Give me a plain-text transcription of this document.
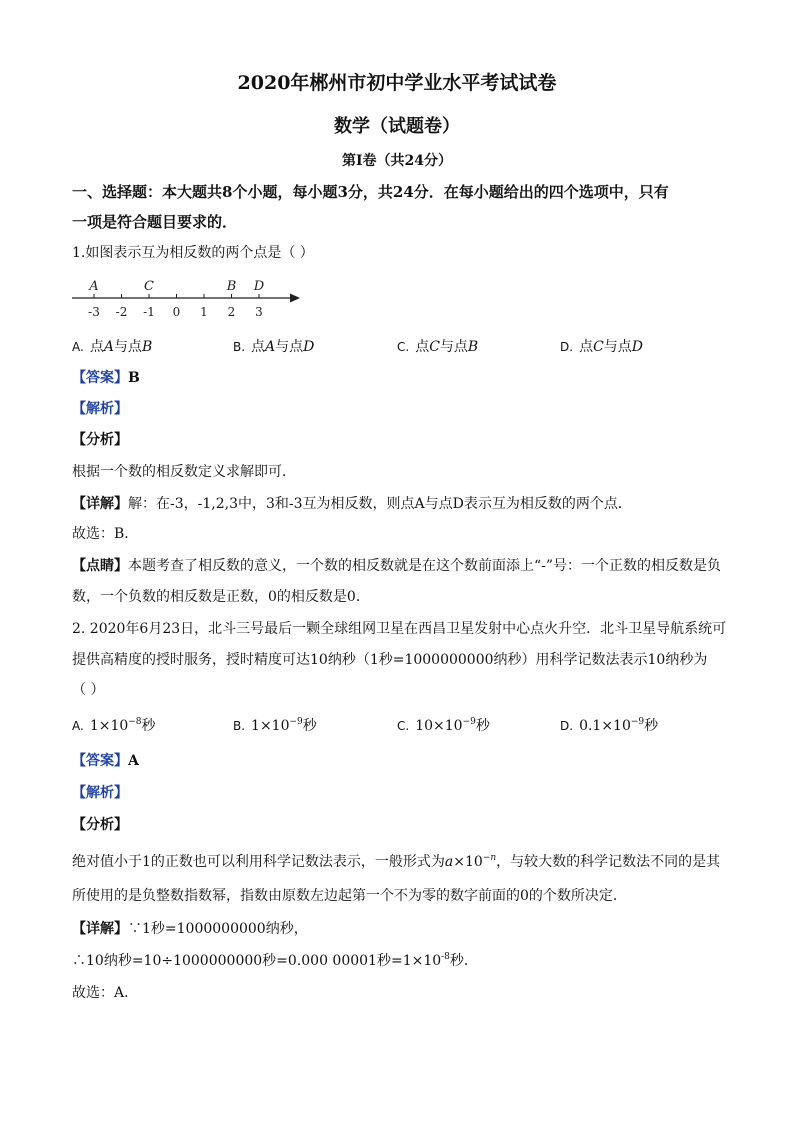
2020年郴州市初中学业水平考试试卷
数学（试题卷）
第I卷（共24分）
一、选择题：本大题共8个小题，每小题3分，共24分．在每小题给出的四个选项中，只有
一项是符合题目要求的．
1.如图表示互为相反数的两个点是（ ）
-3 -2 -1 0 1 2 3
A	C	B D
A. 点A与点B	B. 点A与点D	C. 点C与点B	D. 点C与点D
【答案】B
【解析】
【分析】
根据一个数的相反数定义求解即可．
【详解】解：在-3，-1,2,3中，3和-3互为相反数，则点A与点D表示互为相反数的两个点．
故选：B．
【点睛】本题考查了相反数的意义，一个数的相反数就是在这个数前面添上“-”号：一个正数的相反数是负
数，一个负数的相反数是正数，0的相反数是0．
2. 2020年6月23日，北斗三号最后一颗全球组网卫星在西昌卫星发射中心点火升空．北斗卫星导航系统可
提供高精度的授时服务，授时精度可达10纳秒（1秒=1000000000纳秒）用科学记数法表示10纳秒为
（ ）
A. $1\times 10^{-8}$秒	B. $1\times 10^{-9}$秒	C. $10\times 10^{-9}$秒	D. $0.1\times 10^{-9}$秒
【答案】A
【解析】
【分析】
绝对值小于1的正数也可以利用科学记数法表示，一般形式为$a\times 10^{-n}$，与较大数的科学记数法不同的是其
所使用的是负整数指数幂，指数由原数左边起第一个不为零的数字前面的0的个数所决定．
【详解】∵1秒=1000000000纳秒，
∴10纳秒=10÷1000000000秒=0.000 00001秒$=1\times 10^{-8}$秒．
故选：A．
